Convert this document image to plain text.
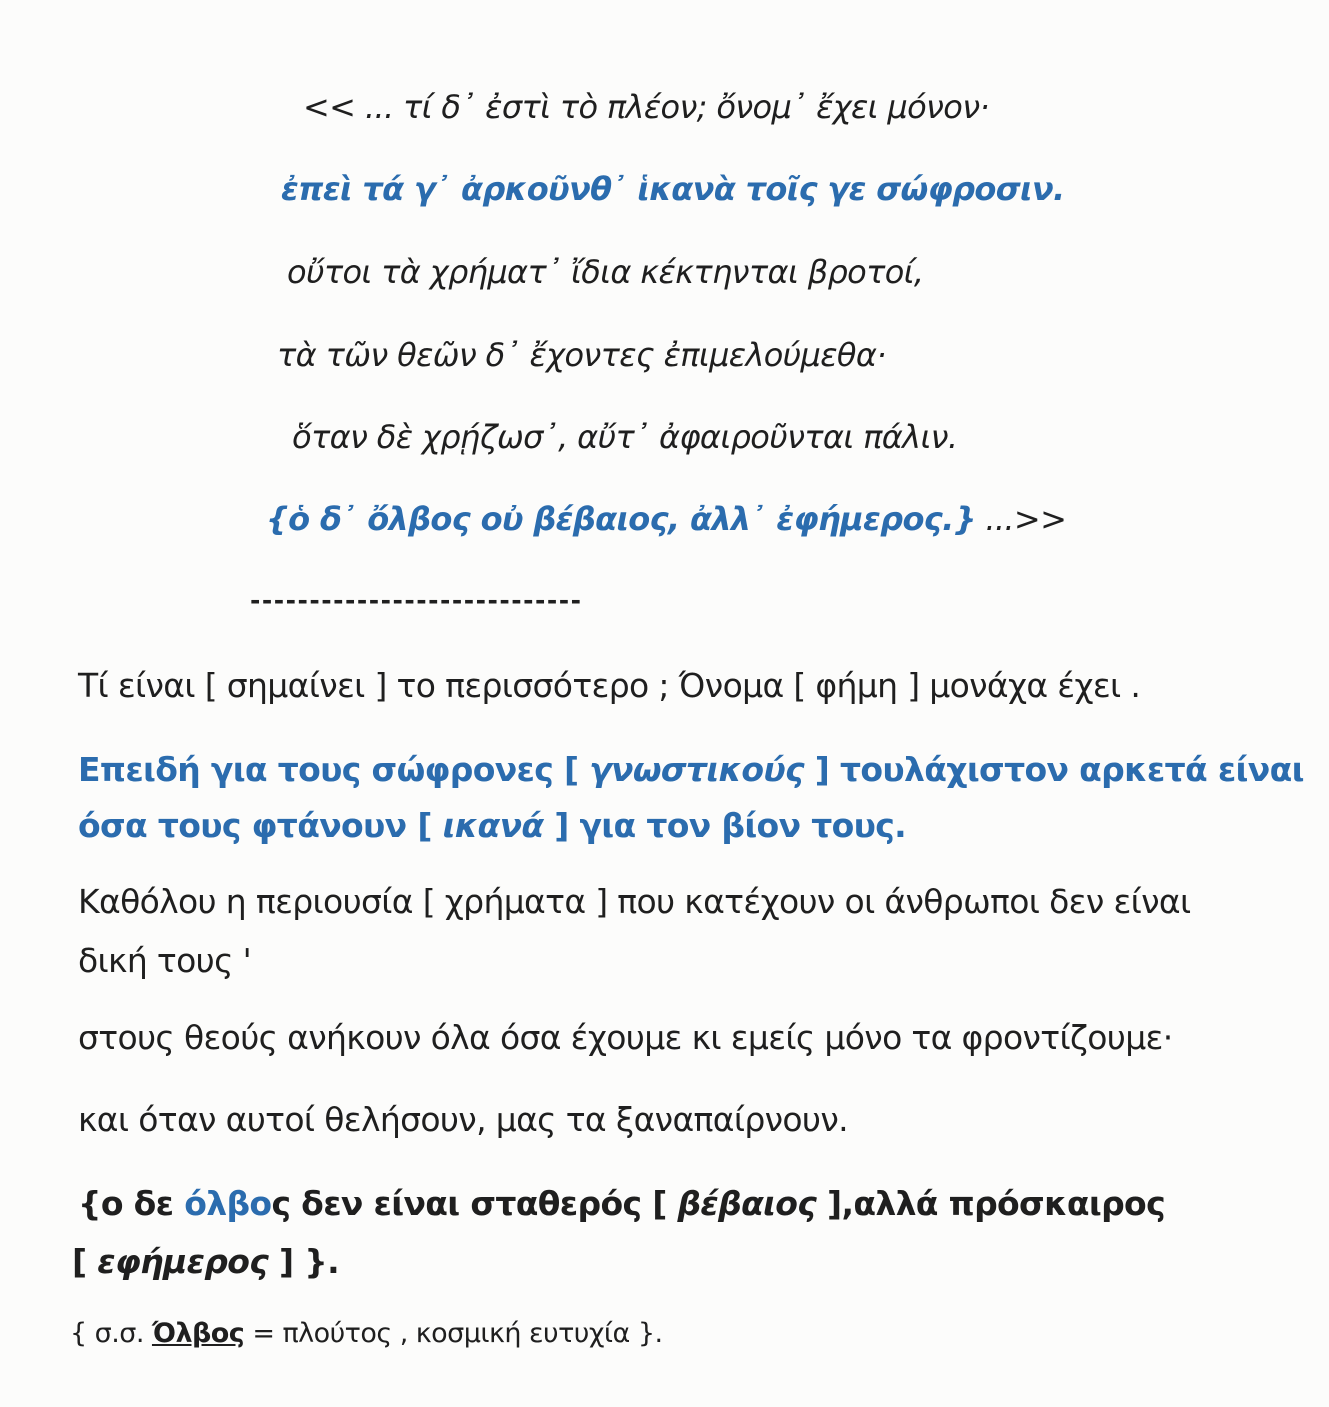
----------------------------
<< ... τί δ᾽ ἐστὶ τὸ πλέον; ὄνομ᾽ ἔχει μόνον·
ἐπεὶ τά γ᾽ ἀρκοῦνθ᾽ ἱκανὰ τοῖς γε σώφροσιν.
οὔτοι τὰ χρήματ᾽ ἴδια κέκτηνται βροτοί,
τὰ τῶν θεῶν δ᾽ ἔχοντες ἐπιμελούμεθα·
ὅταν δὲ χρῄζωσ᾽, αὔτ᾽ ἀφαιροῦνται πάλιν.
{ὁ δ᾽ ὄλβος οὐ βέβαιος, ἀλλ᾽ ἐφήμερος.} ...>>
Τί είναι [ σημαίνει ] το περισσότερο ; Όνομα [ φήμη ] μονάχα έχει .
Επειδή για τους σώφρονες [ γνωστικούς ] τουλάχιστον αρκετά είναι
όσα τους φτάνουν [ ικανά ] για τον βίον τους.
Καθόλου η περιουσία [ χρήματα ] που κατέχουν οι άνθρωποι δεν είναι
δική τους '
στους θεούς ανήκουν όλα όσα έχουμε κι εμείς μόνο τα φροντίζουμε·
και όταν αυτοί θελήσουν, μας τα ξαναπαίρνουν.
{ο δε όλβος δεν είναι σταθερός [ βέβαιος ],αλλά πρόσκαιρος
[ εφήμερος ] }.
{ σ.σ. Όλβος = πλούτος , κοσμική ευτυχία }.
